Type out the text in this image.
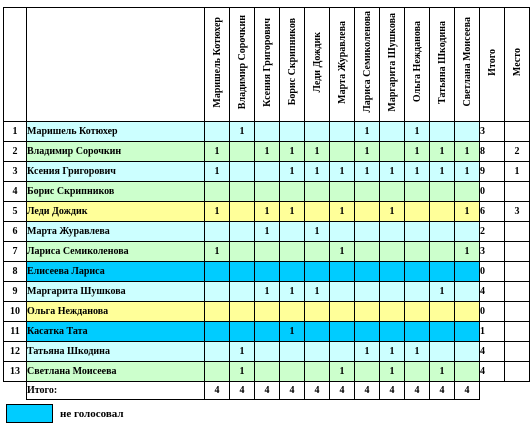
		Маришель Котюхер	Владимир Сорочкин	Ксения Григорович	Борис Скрипников	Леди Дождик	Марта Журавлева	Лариса Семиколенова	Маргарита Шушкова	Ольга Нежданова	Татьяна Шкодина	Светлана Моисеева	Итого	Место
1	Маришель Котюхер		1					1		1			3	
2	Владимир Сорочкин	1		1	1	1		1		1	1	1	8	2
3	Ксения Григорович	1			1	1	1	1	1	1	1	1	9	1
4	Борис Скрипников												0	
5	Леди Дождик	1		1	1		1		1			1	6	3
6	Марта Журавлева			1		1							2	
7	Лариса Семиколенова	1					1					1	3	
8	Елисеева Лариса												0	
9	Маргарита Шушкова			1	1	1					1		4	
10	Ольга Нежданова												0	
11	Касатка Тата				1								1	
12	Татьяна Шкодина		1					1	1	1			4	
13	Светлана Моисеева		1				1		1		1		4	
	Итого:	4	4	4	4	4	4	4	4	4	4	4		
не голосовал
